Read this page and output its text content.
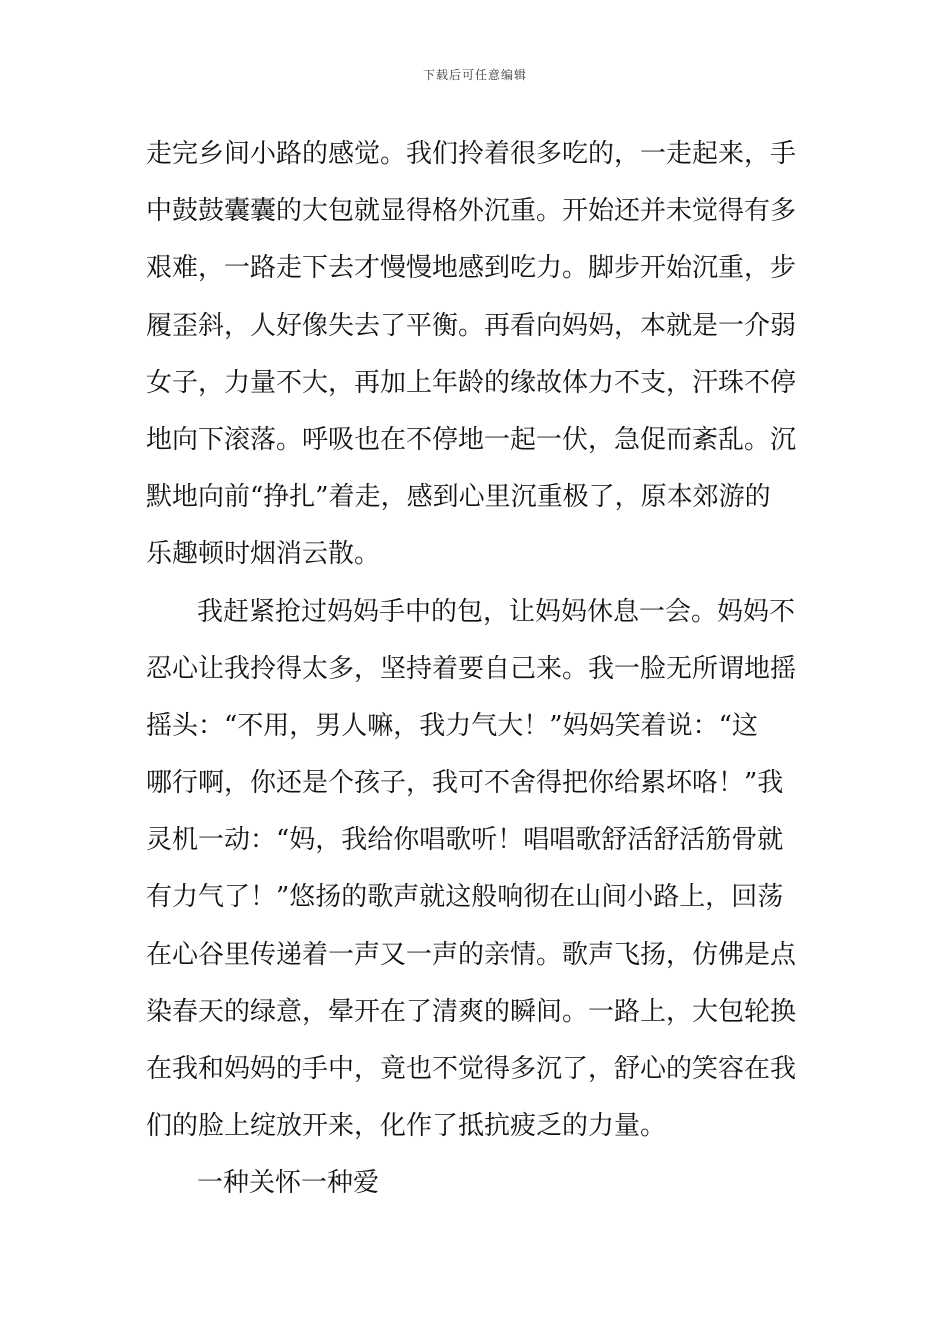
下载后可任意编辑
走完乡间小路的感觉。我们拎着很多吃的，一走起来，手
中鼓鼓囊囊的大包就显得格外沉重。开始还并未觉得有多
艰难，一路走下去才慢慢地感到吃力。脚步开始沉重，步
履歪斜，人好像失去了平衡。再看向妈妈，本就是一介弱
女子，力量不大，再加上年龄的缘故体力不支，汗珠不停
地向下滚落。呼吸也在不停地一起一伏，急促而紊乱。沉
默地向前“挣扎”着走，感到心里沉重极了，原本郊游的
乐趣顿时烟消云散。
我赶紧抢过妈妈手中的包，让妈妈休息一会。妈妈不
忍心让我拎得太多，坚持着要自己来。我一脸无所谓地摇
摇头：“不用，男人嘛，我力气大！”妈妈笑着说：“这
哪行啊，你还是个孩子，我可不舍得把你给累坏咯！”我
灵机一动：“妈，我给你唱歌听！唱唱歌舒活舒活筋骨就
有力气了！”悠扬的歌声就这般响彻在山间小路上，回荡
在心谷里传递着一声又一声的亲情。歌声飞扬，仿佛是点
染春天的绿意，晕开在了清爽的瞬间。一路上，大包轮换
在我和妈妈的手中，竟也不觉得多沉了，舒心的笑容在我
们的脸上绽放开来，化作了抵抗疲乏的力量。
一种关怀一种爱
